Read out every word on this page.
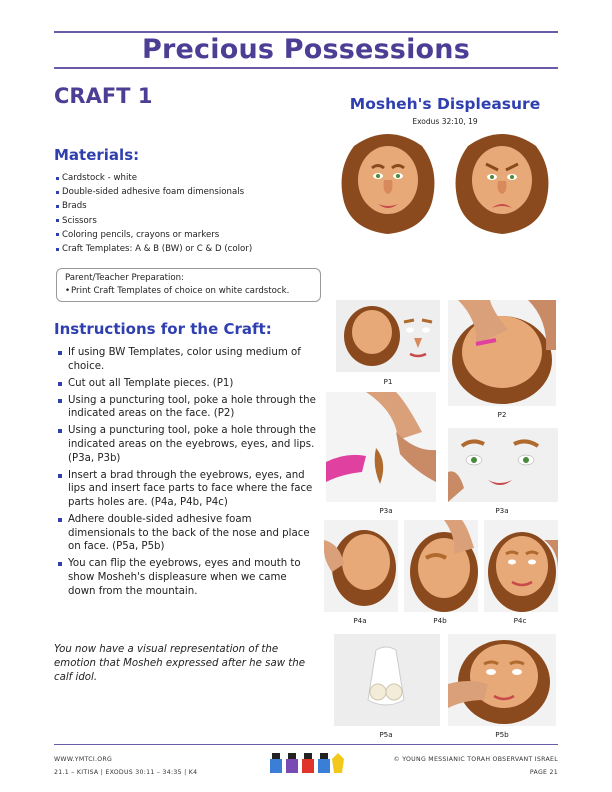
Precious Possessions
CRAFT 1
Materials:
Cardstock - white
Double-sided adhesive foam dimensionals
Brads
Scissors
Coloring pencils, crayons or markers
Craft Templates: A & B (BW) or C & D (color)
Parent/Teacher Preparation:
• Print Craft Templates of choice on white cardstock.
Instructions for the Craft:
If using BW Templates, color using medium of choice.
Cut out all Template pieces. (P1)
Using a puncturing tool, poke a hole through the indicated areas on the face. (P2)
Using a puncturing tool, poke a hole through the indicated areas on the eyebrows, eyes, and lips. (P3a, P3b)
Insert a brad through the eyebrows, eyes, and lips and insert face parts to face where the face parts holes are. (P4a, P4b, P4c)
Adhere double-sided adhesive foam dimensionals to the back of the nose and place on face. (P5a, P5b)
You can flip the eyebrows, eyes and mouth to show Mosheh's displeasure when we came down from the mountain.
You now have a visual representation of the emotion that Mosheh expressed after he saw the calf idol.
Mosheh's Displeasure
Exodus 32:10, 19
P1
P2
P3a	P3a
P4a	P4b	P4c
P5a	P5b
WWW.YMTCI.ORG
21.1 – KITISA | EXODUS 30:11 – 34:35 | K4
© YOUNG MESSIANIC TORAH OBSERVANT ISRAEL
PAGE 21
